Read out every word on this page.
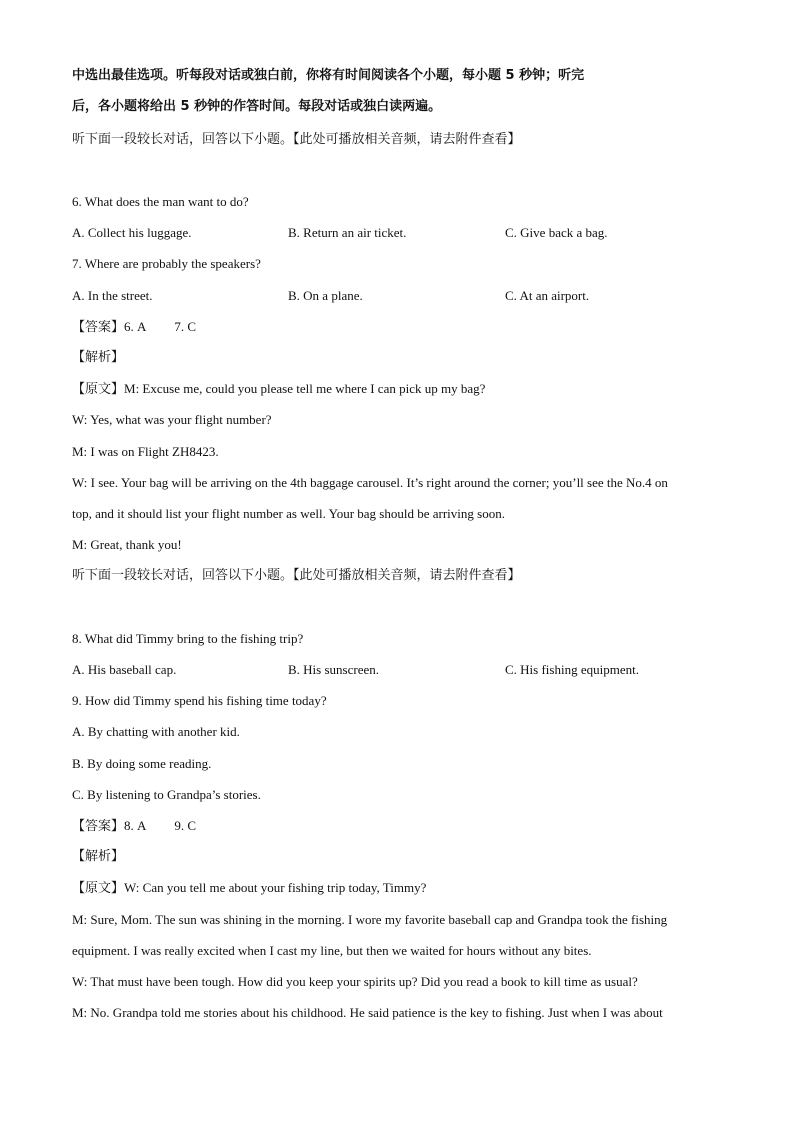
中选出最佳选项。听每段对话或独白前，你将有时间阅读各个小题，每小题 5 秒钟；听完
后，各小题将给出 5 秒钟的作答时间。每段对话或独白读两遍。
听下面一段较长对话，回答以下小题。【此处可播放相关音频，请去附件查看】
6. What does the man want to do?
A. Collect his luggage.	B. Return an air ticket.	C. Give back a bag.
7. Where are probably the speakers?
A. In the street.	B. On a plane.	C. At an airport.
【答案】6. A 7. C
【解析】
【原文】M: Excuse me, could you please tell me where I can pick up my bag?
W: Yes, what was your flight number?
M: I was on Flight ZH8423.
W: I see. Your bag will be arriving on the 4th baggage carousel. It’s right around the corner; you’ll see the No.4 on
top, and it should list your flight number as well. Your bag should be arriving soon.
M: Great, thank you!
听下面一段较长对话，回答以下小题。【此处可播放相关音频，请去附件查看】
8. What did Timmy bring to the fishing trip?
A. His baseball cap.	B. His sunscreen.	C. His fishing equipment.
9. How did Timmy spend his fishing time today?
A. By chatting with another kid.
B. By doing some reading.
C. By listening to Grandpa’s stories.
【答案】8. A 9. C
【解析】
【原文】W: Can you tell me about your fishing trip today, Timmy?
M: Sure, Mom. The sun was shining in the morning. I wore my favorite baseball cap and Grandpa took the fishing
equipment. I was really excited when I cast my line, but then we waited for hours without any bites.
W: That must have been tough. How did you keep your spirits up? Did you read a book to kill time as usual?
M: No. Grandpa told me stories about his childhood. He said patience is the key to fishing. Just when I was about
